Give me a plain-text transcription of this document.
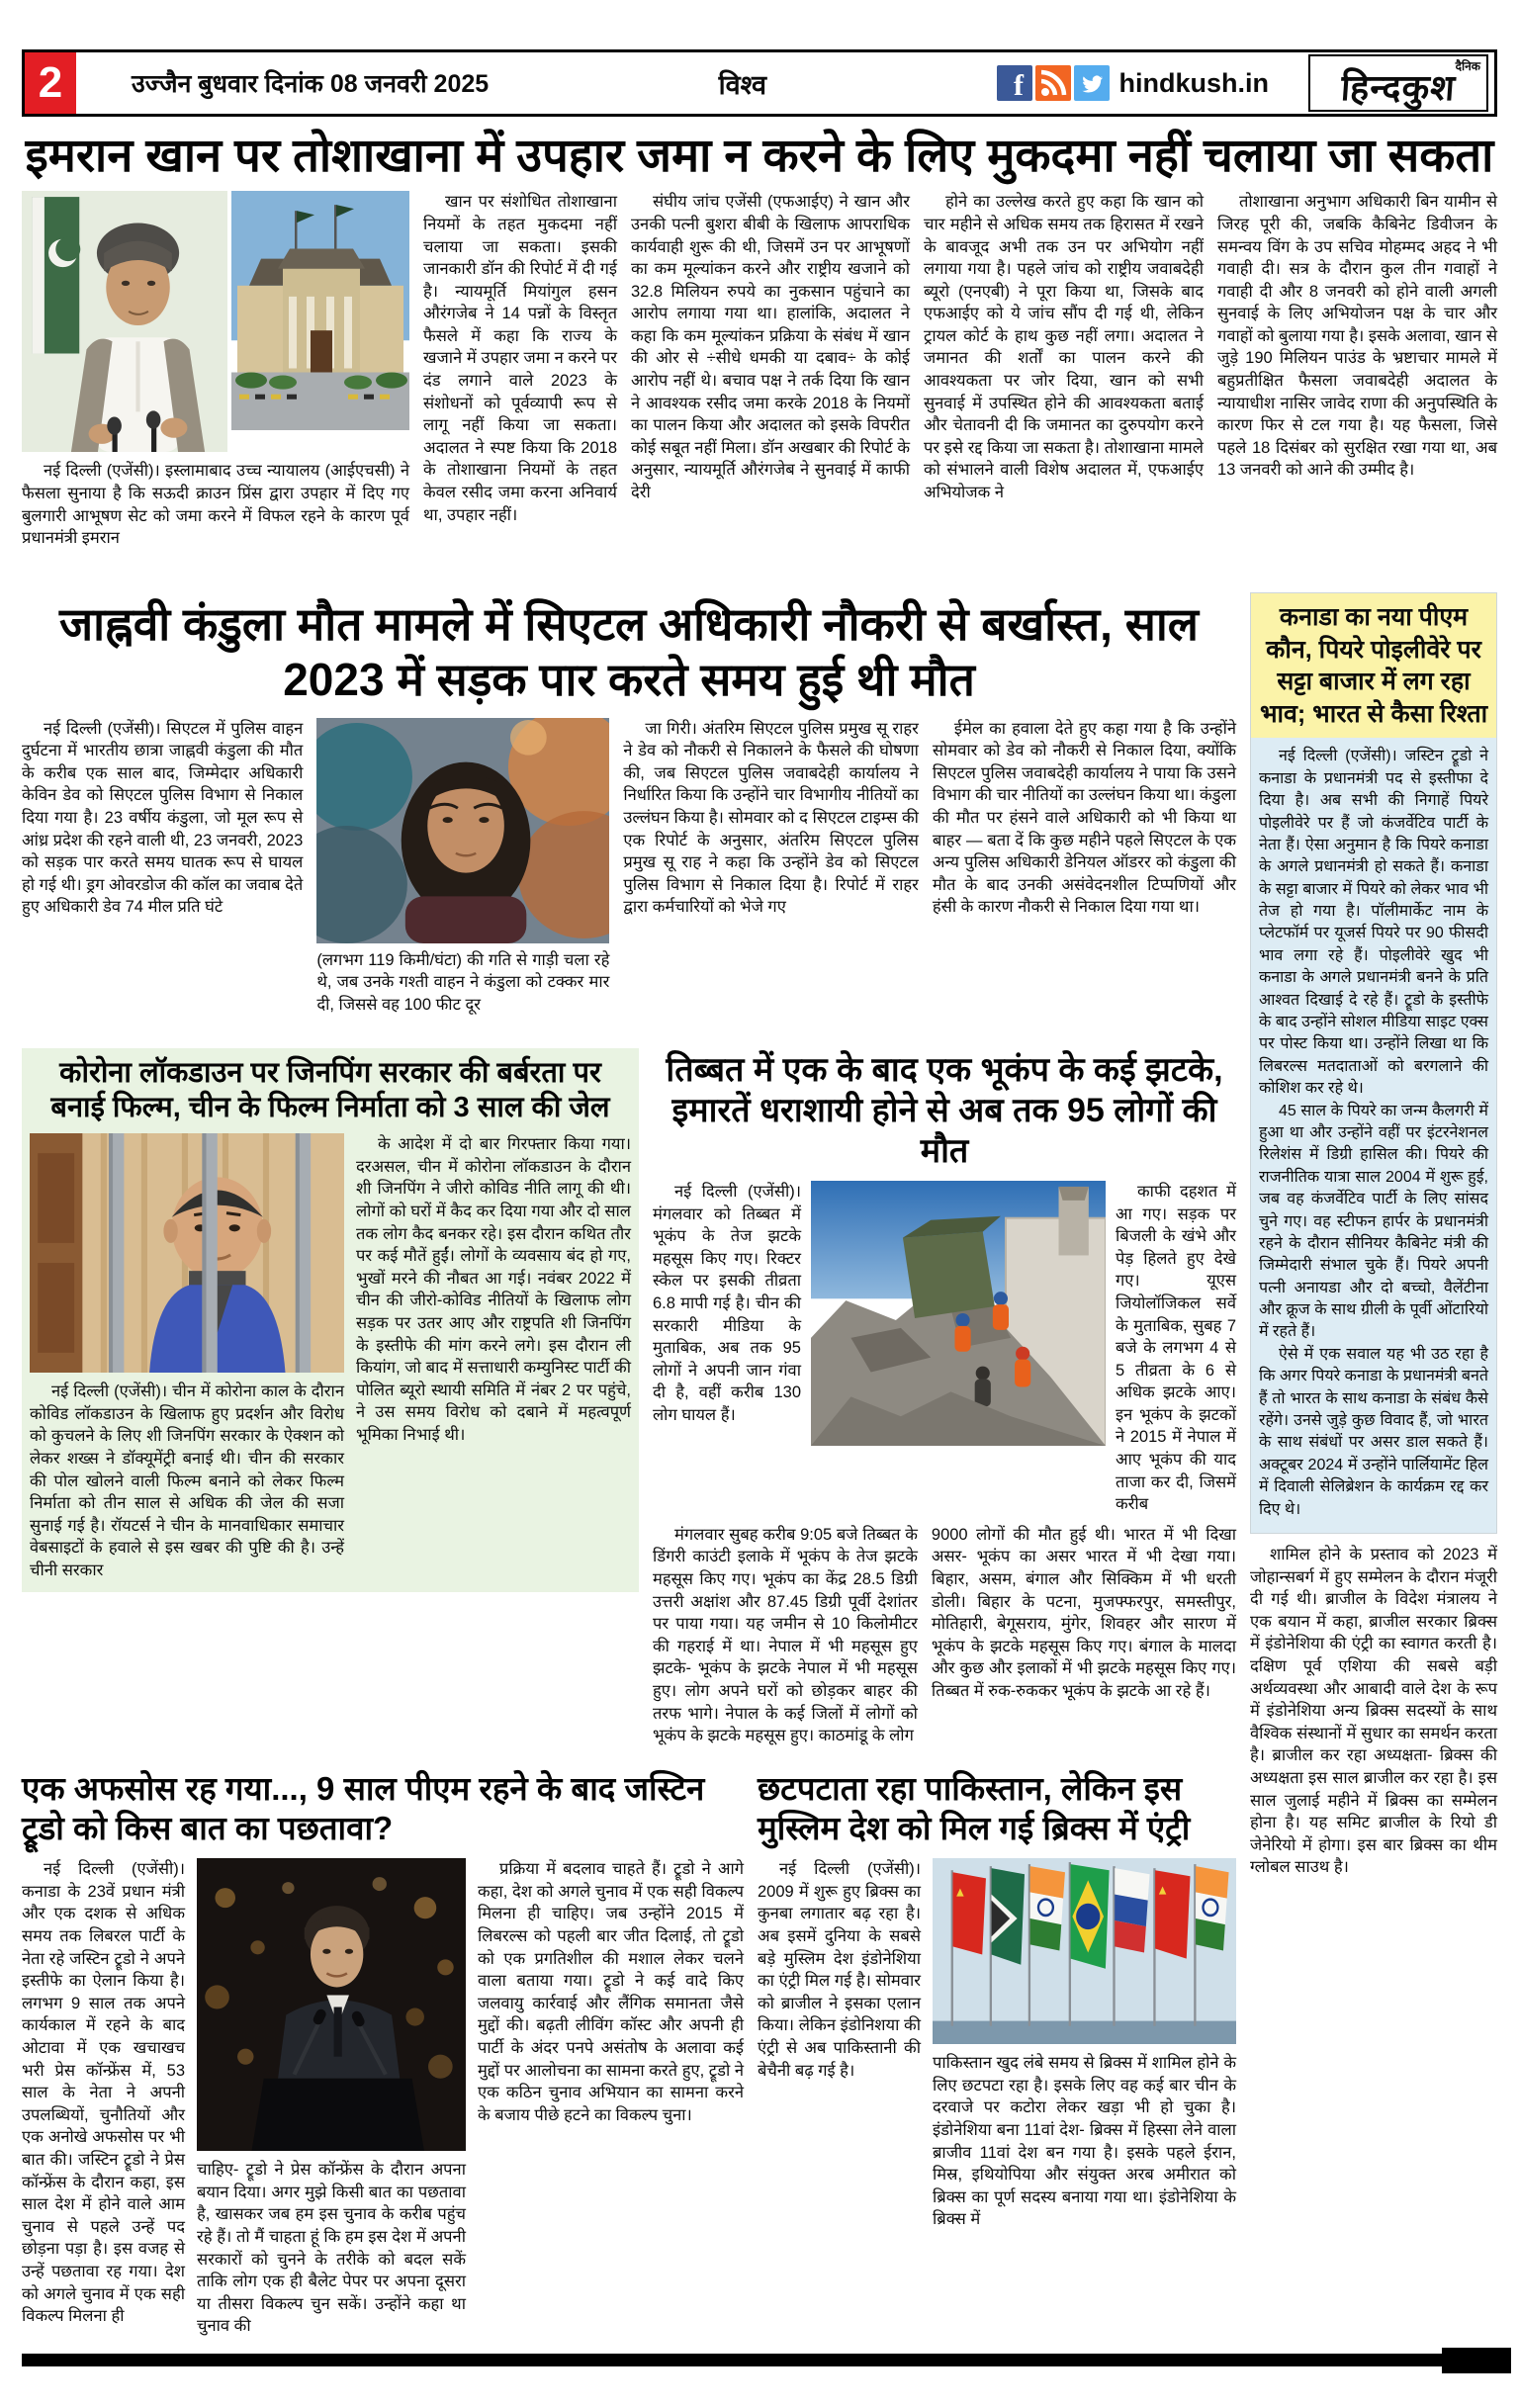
2	उज्जैन बुधवार दिनांक 08 जनवरी 2025	विश्व	f	hindkush.in
दैनिक
हिन्दकुश
इमरान खान पर तोशाखाना में उपहार जमा न करने के लिए मुकदमा नहीं चलाया जा सकता

नई दिल्ली (एजेंसी)। इस्लामाबाद उच्च न्यायालय (आईएचसी) ने फैसला सुनाया है कि सऊदी क्राउन प्रिंस द्वारा उपहार में दिए गए बुलगारी आभूषण सेट को जमा करने में विफल रहने के कारण पूर्व प्रधानमंत्री इमरान

खान पर संशोधित तोशाखाना नियमों के तहत मुकदमा नहीं चलाया जा सकता। इसकी जानकारी डॉन की रिपोर्ट में दी गई है। न्यायमूर्ति मियांगुल हसन औरंगजेब ने 14 पन्नों के विस्तृत फैसले में कहा कि राज्य के खजाने में उपहार जमा न करने पर दंड लगाने वाले 2023 के संशोधनों को पूर्वव्यापी रूप से लागू नहीं किया जा सकता। अदालत ने स्पष्ट किया कि 2018 के तोशाखाना नियमों के तहत केवल रसीद जमा करना अनिवार्य था, उपहार नहीं।

संघीय जांच एजेंसी (एफआईए) ने खान और उनकी पत्नी बुशरा बीबी के खिलाफ आपराधिक कार्यवाही शुरू की थी, जिसमें उन पर आभूषणों का कम मूल्यांकन करने और राष्ट्रीय खजाने को 32.8 मिलियन रुपये का नुकसान पहुंचाने का आरोप लगाया गया था। हालांकि, अदालत ने कहा कि कम मूल्यांकन प्रक्रिया के संबंध में खान की ओर से ÷सीधे धमकी या दबाव÷ के कोई आरोप नहीं थे। बचाव पक्ष ने तर्क दिया कि खान ने आवश्यक रसीद जमा करके 2018 के नियमों का पालन किया और अदालत को इसके विपरीत कोई सबूत नहीं मिला। डॉन अखबार की रिपोर्ट के अनुसार, न्यायमूर्ति औरंगजेब ने सुनवाई में काफी देरी

होने का उल्लेख करते हुए कहा कि खान को चार महीने से अधिक समय तक हिरासत में रखने के बावजूद अभी तक उन पर अभियोग नहीं लगाया गया है। पहले जांच को राष्ट्रीय जवाबदेही ब्यूरो (एनएबी) ने पूरा किया था, जिसके बाद एफआईए को ये जांच सौंप दी गई थी, लेकिन ट्रायल कोर्ट के हाथ कुछ नहीं लगा। अदालत ने जमानत की शर्तों का पालन करने की आवश्यकता पर जोर दिया, खान को सभी सुनवाई में उपस्थित होने की आवश्यकता बताई और चेतावनी दी कि जमानत का दुरुपयोग करने पर इसे रद्द किया जा सकता है। तोशाखाना मामले को संभालने वाली विशेष अदालत में, एफआईए अभियोजक ने

तोशाखाना अनुभाग अधिकारी बिन यामीन से जिरह पूरी की, जबकि कैबिनेट डिवीजन के समन्वय विंग के उप सचिव मोहम्मद अहद ने भी गवाही दी। सत्र के दौरान कुल तीन गवाहों ने गवाही दी और 8 जनवरी को होने वाली अगली सुनवाई के लिए अभियोजन पक्ष के चार और गवाहों को बुलाया गया है। इसके अलावा, खान से जुड़े 190 मिलियन पाउंड के भ्रष्टाचार मामले में बहुप्रतीक्षित फैसला जवाबदेही अदालत के न्यायाधीश नासिर जावेद राणा की अनुपस्थिति के कारण फिर से टल गया है। यह फैसला, जिसे पहले 18 दिसंबर को सुरक्षित रखा गया था, अब 13 जनवरी को आने की उम्मीद है।

जाह्नवी कंडुला मौत मामले में सिएटल अधिकारी नौकरी से बर्खास्त, साल 2023 में सड़क पार करते समय हुई थी मौत

नई दिल्ली (एजेंसी)। सिएटल में पुलिस वाहन दुर्घटना में भारतीय छात्रा जाह्नवी कंडुला की मौत के करीब एक साल बाद, जिम्मेदार अधिकारी केविन डेव को सिएटल पुलिस विभाग से निकाल दिया गया है। 23 वर्षीय कंडुला, जो मूल रूप से आंध्र प्रदेश की रहने वाली थी, 23 जनवरी, 2023 को सड़क पार करते समय घातक रूप से घायल हो गई थी। ड्रग ओवरडोज की कॉल का जवाब देते हुए अधिकारी डेव 74 मील प्रति घंटे

(लगभग 119 किमी/घंटा) की गति से गाड़ी चला रहे थे, जब उनके गश्ती वाहन ने कंडुला को टक्कर मार दी, जिससे वह 100 फीट दूर

जा गिरी। अंतरिम सिएटल पुलिस प्रमुख सू राहर ने डेव को नौकरी से निकालने के फैसले की घोषणा की, जब सिएटल पुलिस जवाबदेही कार्यालय ने निर्धारित किया कि उन्होंने चार विभागीय नीतियों का उल्लंघन किया है। सोमवार को द सिएटल टाइम्स की एक रिपोर्ट के अनुसार, अंतरिम सिएटल पुलिस प्रमुख सू राह ने कहा कि उन्होंने डेव को सिएटल पुलिस विभाग से निकाल दिया है। रिपोर्ट में राहर द्वारा कर्मचारियों को भेजे गए

ईमेल का हवाला देते हुए कहा गया है कि उन्होंने सोमवार को डेव को नौकरी से निकाल दिया, क्योंकि सिएटल पुलिस जवाबदेही कार्यालय ने पाया कि उसने विभाग की चार नीतियों का उल्लंघन किया था। कंडुला की मौत पर हंसने वाले अधिकारी को भी किया था बाहर — बता दें कि कुछ महीने पहले सिएटल के एक अन्य पुलिस अधिकारी डेनियल ऑडरर को कंडुला की मौत के बाद उनकी असंवेदनशील टिप्पणियों और हंसी के कारण नौकरी से निकाल दिया गया था।

कोरोना लॉकडाउन पर जिनपिंग सरकार की बर्बरता पर बनाई फिल्म, चीन के फिल्म निर्माता को 3 साल की जेल

नई दिल्ली (एजेंसी)। चीन में कोरोना काल के दौरान कोविड लॉकडाउन के खिलाफ हुए प्रदर्शन और विरोध को कुचलने के लिए शी जिनपिंग सरकार के ऐक्शन को लेकर शख्स ने डॉक्यूमेंट्री बनाई थी। चीन की सरकार की पोल खोलने वाली फिल्म बनाने को लेकर फिल्म निर्माता को तीन साल से अधिक की जेल की सजा सुनाई गई है। रॉयटर्स ने चीन के मानवाधिकार समाचार वेबसाइटों के हवाले से इस खबर की पुष्टि की है। उन्हें चीनी सरकार

के आदेश में दो बार गिरफ्तार किया गया। दरअसल, चीन में कोरोना लॉकडाउन के दौरान शी जिनपिंग ने जीरो कोविड नीति लागू की थी। लोगों को घरों में कैद कर दिया गया और दो साल तक लोग कैद बनकर रहे। इस दौरान कथित तौर पर कई मौतें हुईं। लोगों के व्यवसाय बंद हो गए, भुखों मरने की नौबत आ गई। नवंबर 2022 में चीन की जीरो-कोविड नीतियों के खिलाफ लोग सड़क पर उतर आए और राष्ट्रपति शी जिनपिंग के इस्तीफे की मांग करने लगे। इस दौरान ली कियांग, जो बाद में सत्ताधारी कम्युनिस्ट पार्टी की पोलित ब्यूरो स्थायी समिति में नंबर 2 पर पहुंचे, ने उस समय विरोध को दबाने में महत्वपूर्ण भूमिका निभाई थी।

तिब्बत में एक के बाद एक भूकंप के कई झटके, इमारतें धराशायी होने से अब तक 95 लोगों की मौत

नई दिल्ली (एजेंसी)। मंगलवार को तिब्बत में भूकंप के तेज झटके महसूस किए गए। रिक्टर स्केल पर इसकी तीव्रता 6.8 मापी गई है। चीन की सरकारी मीडिया के मुताबिक, अब तक 95 लोगों ने अपनी जान गंवा दी है, वहीं करीब 130 लोग घायल हैं।

काफी दहशत में आ गए। सड़क पर बिजली के खंभे और पेड़ हिलते हुए देखे गए। यूएस जियोलॉजिकल सर्वे के मुताबिक, सुबह 7 बजे के लगभग 4 से 5 तीव्रता के 6 से अधिक झटके आए। इन भूकंप के झटकों ने 2015 में नेपाल में आए भूकंप की याद ताजा कर दी, जिसमें करीब

मंगलवार सुबह करीब 9:05 बजे तिब्बत के डिंगरी काउंटी इलाके में भूकंप के तेज झटके महसूस किए गए। भूकंप का केंद्र 28.5 डिग्री उत्तरी अक्षांश और 87.45 डिग्री पूर्वी देशांतर पर पाया गया। यह जमीन से 10 किलोमीटर की गहराई में था। नेपाल में भी महसूस हुए झटके- भूकंप के झटके नेपाल में भी महसूस हुए। लोग अपने घरों को छोड़कर बाहर की तरफ भागे। नेपाल के कई जिलों में लोगों को भूकंप के झटके महसूस हुए। काठमांडू के लोग

9000 लोगों की मौत हुई थी। भारत में भी दिखा असर- भूकंप का असर भारत में भी देखा गया। बिहार, असम, बंगाल और सिक्किम में भी धरती डोली। बिहार के पटना, मुजफ्फरपुर, समस्तीपुर, मोतिहारी, बेगूसराय, मुंगेर, शिवहर और सारण में भूकंप के झटके महसूस किए गए। बंगाल के मालदा और कुछ और इलाकों में भी झटके महसूस किए गए। तिब्बत में रुक-रुककर भूकंप के झटके आ रहे हैं।

एक अफसोस रह गया..., 9 साल पीएम रहने के बाद जस्टिन ट्रूडो को किस बात का पछतावा?

नई दिल्ली (एजेंसी)। कनाडा के 23वें प्रधान मंत्री और एक दशक से अधिक समय तक लिबरल पार्टी के नेता रहे जस्टिन ट्रूडो ने अपने इस्तीफे का ऐलान किया है। लगभग 9 साल तक अपने कार्यकाल में रहने के बाद ओटावा में एक खचाखच भरी प्रेस कॉन्फ्रेंस में, 53 साल के नेता ने अपनी उपलब्धियों, चुनौतियों और एक अनोखे अफसोस पर भी बात की। जस्टिन ट्रूडो ने प्रेस कॉन्फ्रेंस के दौरान कहा, इस साल देश में होने वाले आम चुनाव से पहले उन्हें पद छोड़ना पड़ा है। इस वजह से उन्हें पछतावा रह गया। देश को अगले चुनाव में एक सही विकल्प मिलना ही

चाहिए- ट्रूडो ने प्रेस कॉन्फ्रेंस के दौरान अपना बयान दिया। अगर मुझे किसी बात का पछतावा है, खासकर जब हम इस चुनाव के करीब पहुंच रहे हैं। तो मैं चाहता हूं कि हम इस देश में अपनी सरकारों को चुनने के तरीके को बदल सकें ताकि लोग एक ही बैलेट पेपर पर अपना दूसरा या तीसरा विकल्प चुन सकें। उन्होंने कहा था चुनाव की

प्रक्रिया में बदलाव चाहते हैं। ट्रूडो ने आगे कहा, देश को अगले चुनाव में एक सही विकल्प मिलना ही चाहिए। जब उन्होंने 2015 में लिबरल्स को पहली बार जीत दिलाई, तो ट्रूडो को एक प्रगतिशील की मशाल लेकर चलने वाला बताया गया। ट्रूडो ने कई वादे किए जलवायु कार्रवाई और लैंगिक समानता जैसे मुद्दों की। बढ़ती लीविंग कॉस्ट और अपनी ही पार्टी के अंदर पनपे असंतोष के अलावा कई मुद्दों पर आलोचना का सामना करते हुए, ट्रूडो ने एक कठिन चुनाव अभियान का सामना करने के बजाय पीछे हटने का विकल्प चुना।

छटपटाता रहा पाकिस्तान, लेकिन इस मुस्लिम देश को मिल गई ब्रिक्स में एंट्री

नई दिल्ली (एजेंसी)। 2009 में शुरू हुए ब्रिक्स का कुनबा लगातार बढ़ रहा है। अब इसमें दुनिया के सबसे बड़े मुस्लिम देश इंडोनेशिया का एंट्री मिल गई है। सोमवार को ब्राजील ने इसका एलान किया। लेकिन इंडोनिशया की एंट्री से अब पाकिस्तानी की बेचैनी बढ़ गई है।	पाकिस्तान खुद लंबे समय से ब्रिक्स में शामिल होने के लिए छटपटा रहा है। इसके लिए वह कई बार चीन के दरवाजे पर कटोरा लेकर खड़ा भी हो चुका है। इंडोनेशिया बना 11वां देश- ब्रिक्स में हिस्सा लेने वाला ब्राजीव 11वां देश बन गया है। इसके पहले ईरान, मिस्र, इथियोपिया और संयुक्त अरब अमीरात को ब्रिक्स का पूर्ण सदस्य बनाया गया था। इंडोनेशिया के ब्रिक्स में

कनाडा का नया पीएम कौन, पियरे पोइलीवेरे पर सट्टा बाजार में लग रहा भाव; भारत से कैसा रिश्ता

नई दिल्ली (एजेंसी)। जस्टिन ट्रूडो ने कनाडा के प्रधानमंत्री पद से इस्तीफा दे दिया है। अब सभी की निगाहें पियरे पोइलीवेरे पर हैं जो कंजर्वेटिव पार्टी के नेता हैं। ऐसा अनुमान है कि पियरे कनाडा के अगले प्रधानमंत्री हो सकते हैं। कनाडा के सट्टा बाजार में पियरे को लेकर भाव भी तेज हो गया है। पॉलीमार्केट नाम के प्लेटफॉर्म पर यूजर्स पियरे पर 90 फीसदी भाव लगा रहे हैं। पोइलीवेरे खुद भी कनाडा के अगले प्रधानमंत्री बनने के प्रति आश्वत दिखाई दे रहे हैं। ट्रूडो के इस्तीफे के बाद उन्होंने सोशल मीडिया साइट एक्स पर पोस्ट किया था। उन्होंने लिखा था कि लिबरल्स मतदाताओं को बरगलाने की कोशिश कर रहे थे।

45 साल के पियरे का जन्म कैलगरी में हुआ था और उन्होंने वहीं पर इंटरनेशनल रिलेशंस में डिग्री हासिल की। पियरे की राजनीतिक यात्रा साल 2004 में शुरू हुई, जब वह कंजर्वेटिव पार्टी के लिए सांसद चुने गए। वह स्टीफन हार्पर के प्रधानमंत्री रहने के दौरान सीनियर कैबिनेट मंत्री की जिम्मेदारी संभाल चुके हैं। पियरे अपनी पत्नी अनायडा और दो बच्चो, वैलेंटीना और क्रूज के साथ ग्रीली के पूर्वी ओंटारियो में रहते हैं।

ऐसे में एक सवाल यह भी उठ रहा है कि अगर पियरे कनाडा के प्रधानमंत्री बनते हैं तो भारत के साथ कनाडा के संबंध कैसे रहेंगे। उनसे जुड़े कुछ विवाद हैं, जो भारत के साथ संबंधों पर असर डाल सकते हैं। अक्टूबर 2024 में उन्होंने पार्लियामेंट हिल में दिवाली सेलिब्रेशन के कार्यक्रम रद्द कर दिए थे।

शामिल होने के प्रस्ताव को 2023 में जोहान्सबर्ग में हुए सम्मेलन के दौरान मंजूरी दी गई थी। ब्राजील के विदेश मंत्रालय ने एक बयान में कहा, ब्राजील सरकार ब्रिक्स में इंडोनेशिया की एंट्री का स्वागत करती है। दक्षिण पूर्व एशिया की सबसे बड़ी अर्थव्यवस्था और आबादी वाले देश के रूप में इंडोनेशिया अन्य ब्रिक्स सदस्यों के साथ वैश्विक संस्थानों में सुधार का समर्थन करता है। ब्राजील कर रहा अध्यक्षता- ब्रिक्स की अध्यक्षता इस साल ब्राजील कर रहा है। इस साल जुलाई महीने में ब्रिक्स का सम्मेलन होना है। यह समिट ब्राजील के रियो डी जेनेरियो में होगा। इस बार ब्रिक्स का थीम ग्लोबल साउथ है।
